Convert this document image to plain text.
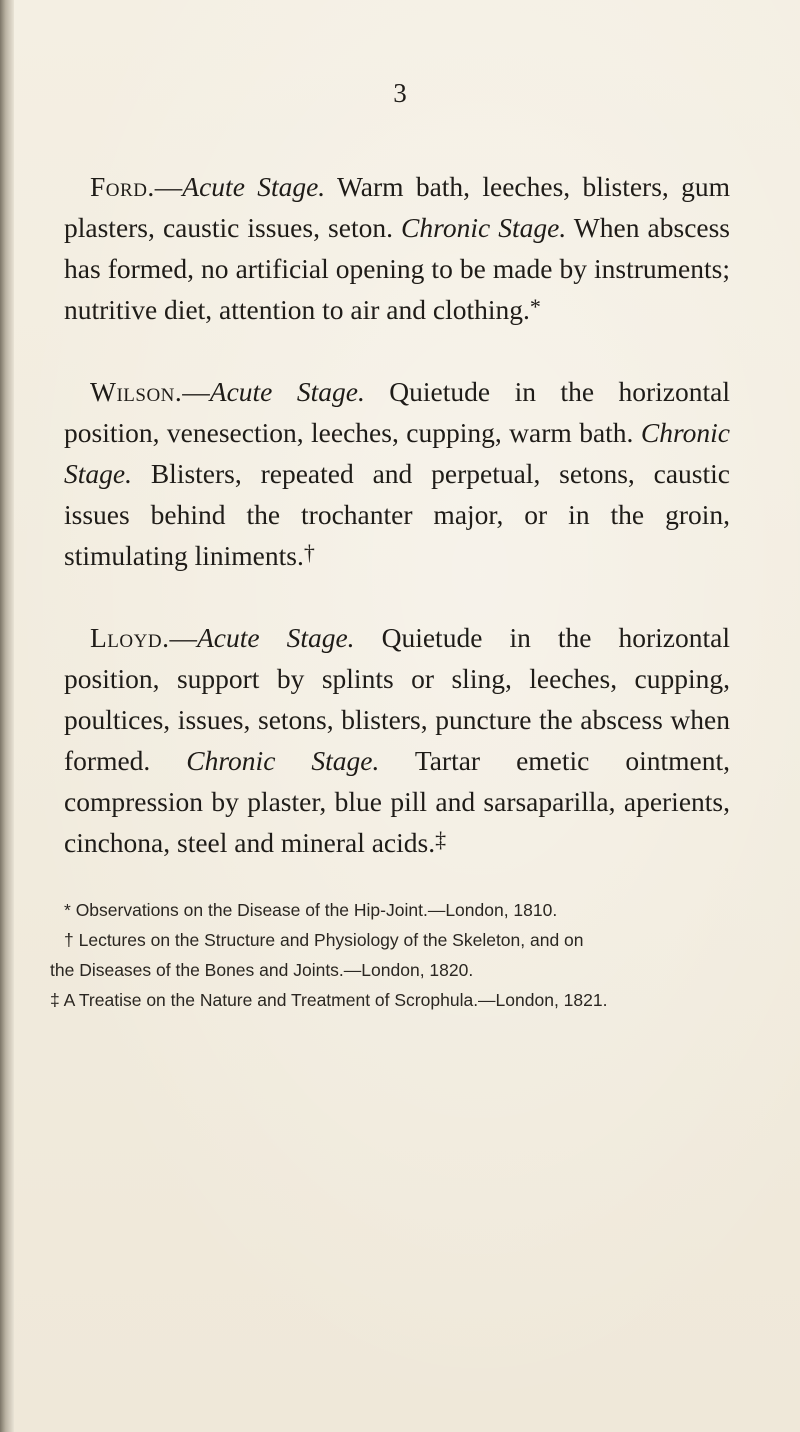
3

Ford.—Acute Stage. Warm bath, leeches, blisters, gum plasters, caustic issues, seton. Chronic Stage. When abscess has formed, no artificial opening to be made by instruments; nutritive diet, attention to air and clothing.*

Wilson.—Acute Stage. Quietude in the horizontal position, venesection, leeches, cupping, warm bath. Chronic Stage. Blisters, repeated and perpetual, setons, caustic issues behind the trochanter major, or in the groin, stimulating liniments.†

Lloyd.—Acute Stage. Quietude in the horizontal position, support by splints or sling, leeches, cupping, poultices, issues, setons, blisters, puncture the abscess when formed. Chronic Stage. Tartar emetic ointment, compression by plaster, blue pill and sarsaparilla, aperients, cinchona, steel and mineral acids.‡

* Observations on the Disease of the Hip-Joint.—London, 1810.

† Lectures on the Structure and Physiology of the Skeleton, and on

the Diseases of the Bones and Joints.—London, 1820.

‡ A Treatise on the Nature and Treatment of Scrophula.—London, 1821.
